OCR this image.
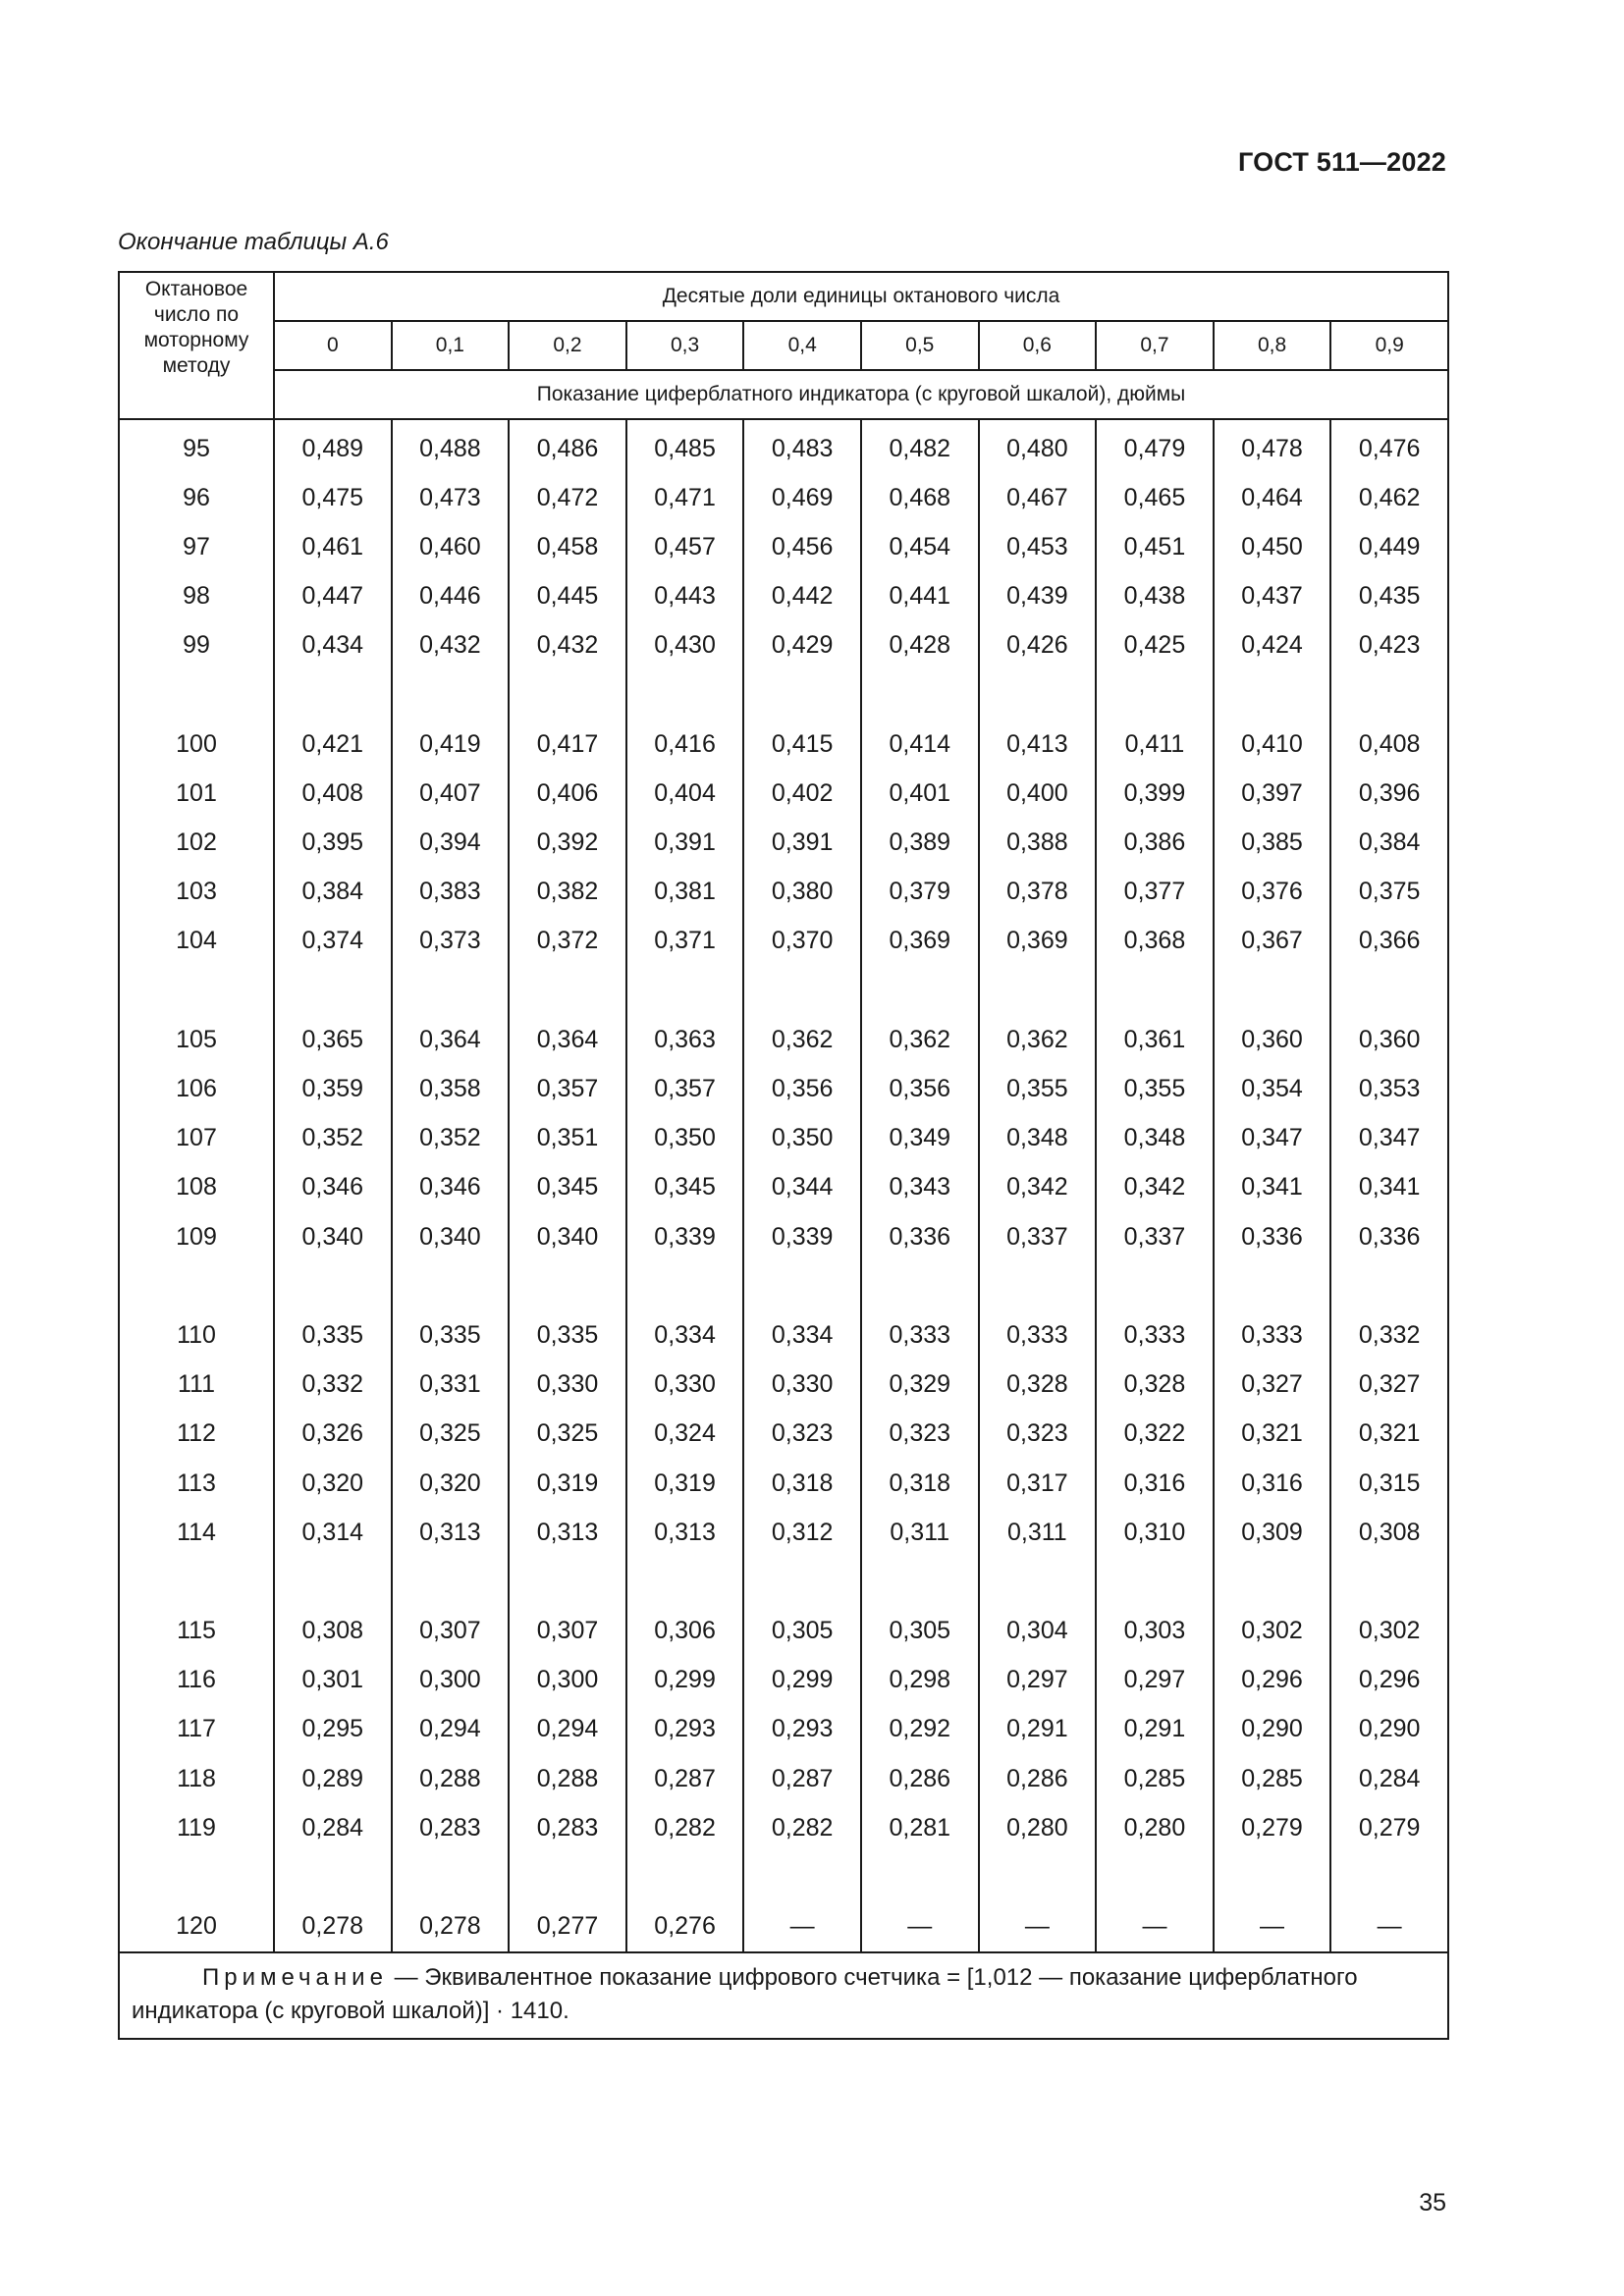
ГОСТ 511—2022
Окончание таблицы А.6
Октановое число по моторному методу	Десятые доли единицы октанового числа									
	0	0,1	0,2	0,3	0,4	0,5	0,6	0,7	0,8	0,9
	Показание циферблатного индикатора (с круговой шкалой), дюймы									
95	0,489	0,488	0,486	0,485	0,483	0,482	0,480	0,479	0,478	0,476
96	0,475	0,473	0,472	0,471	0,469	0,468	0,467	0,465	0,464	0,462
97	0,461	0,460	0,458	0,457	0,456	0,454	0,453	0,451	0,450	0,449
98	0,447	0,446	0,445	0,443	0,442	0,441	0,439	0,438	0,437	0,435
99	0,434	0,432	0,432	0,430	0,429	0,428	0,426	0,425	0,424	0,423

100	0,421	0,419	0,417	0,416	0,415	0,414	0,413	0,411	0,410	0,408
101	0,408	0,407	0,406	0,404	0,402	0,401	0,400	0,399	0,397	0,396
102	0,395	0,394	0,392	0,391	0,391	0,389	0,388	0,386	0,385	0,384
103	0,384	0,383	0,382	0,381	0,380	0,379	0,378	0,377	0,376	0,375
104	0,374	0,373	0,372	0,371	0,370	0,369	0,369	0,368	0,367	0,366

105	0,365	0,364	0,364	0,363	0,362	0,362	0,362	0,361	0,360	0,360
106	0,359	0,358	0,357	0,357	0,356	0,356	0,355	0,355	0,354	0,353
107	0,352	0,352	0,351	0,350	0,350	0,349	0,348	0,348	0,347	0,347
108	0,346	0,346	0,345	0,345	0,344	0,343	0,342	0,342	0,341	0,341
109	0,340	0,340	0,340	0,339	0,339	0,336	0,337	0,337	0,336	0,336

110	0,335	0,335	0,335	0,334	0,334	0,333	0,333	0,333	0,333	0,332
111	0,332	0,331	0,330	0,330	0,330	0,329	0,328	0,328	0,327	0,327
112	0,326	0,325	0,325	0,324	0,323	0,323	0,323	0,322	0,321	0,321
113	0,320	0,320	0,319	0,319	0,318	0,318	0,317	0,316	0,316	0,315
114	0,314	0,313	0,313	0,313	0,312	0,311	0,311	0,310	0,309	0,308

115	0,308	0,307	0,307	0,306	0,305	0,305	0,304	0,303	0,302	0,302
116	0,301	0,300	0,300	0,299	0,299	0,298	0,297	0,297	0,296	0,296
117	0,295	0,294	0,294	0,293	0,293	0,292	0,291	0,291	0,290	0,290
118	0,289	0,288	0,288	0,287	0,287	0,286	0,286	0,285	0,285	0,284
119	0,284	0,283	0,283	0,282	0,282	0,281	0,280	0,280	0,279	0,279

120	0,278	0,278	0,277	0,276	—	—	—	—	—	—
Примечание — Эквивалентное показание цифрового счетчика = [1,012 — показание циферблатного индикатора (с круговой шкалой)] · 1410.										
35
